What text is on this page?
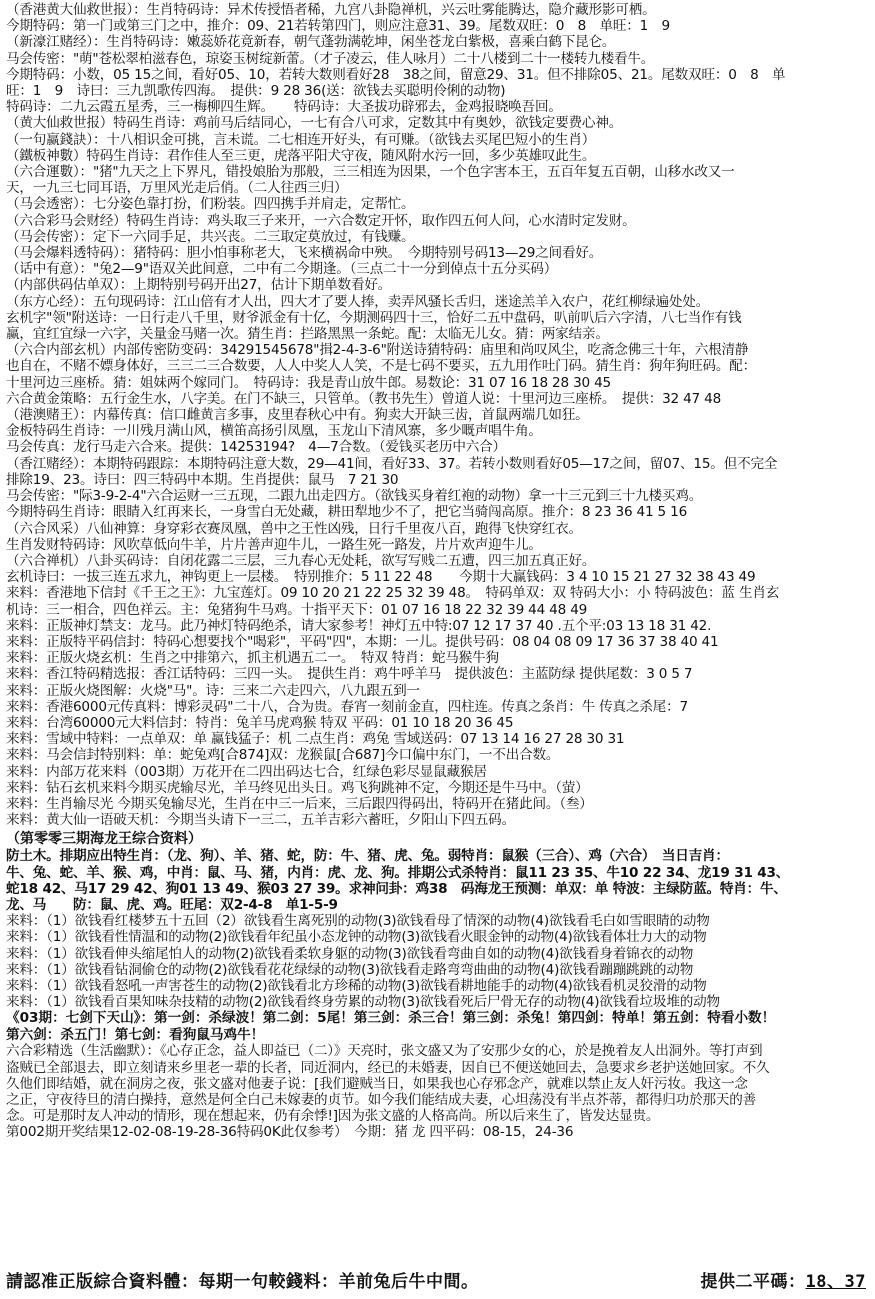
（香港黄大仙救世报）：生肖特码诗：异术传授悟者稀，九宫八卦隐禅机，兴云吐雾能腾达，隐介藏形影可栖。
今期特码：第一门或第三门之中，推介：09、21若转第四门，则应注意31、39。尾数双旺：0　8　单旺：1　9
（新濠江赌经）：生肖特码诗：嫩蕊娇花竟新春，朝气蓬勃满乾坤，闲坐苍龙白紫极，喜乘白鹤下昆仑。
马会传密："萌"苍松翠柏滋春色，琼姿玉树绽新蕾。（才子凌云，佳人咏月）二十八楼到二十一楼转九楼看牛。
今期特码：小数，05 15之间，看好05、10，若转大数则看好28　38之间，留意29、31。但不排除05、21。尾数双旺：0　8　单
旺：1　9　诗曰：三九凯歌传四海。　提供：9 28 36(送：欲钱去买聪明伶俐的动物)
特码诗：二九云霞五星秀，三一梅柳四生辉。　　特码诗：大圣拔功辟邪去，金鸡报晓唤吾回。
（黄大仙救世报）特码生肖诗：鸡前马后结同心，一七有合八可求，定数其中有奥妙，欲钱定要费心神。
（一句赢錢訣）：十八相识金可挑，言未谎。二七相连开好头，有可赚。（欲钱去买尾巴短小的生肖）
（鐵板神數）特码生肖诗：君作佳人至三更，虎落平阳犬守夜，随风附水污一回，多少英雄叹此生。
（六合運數）："猪"九天之上下界凡，错投娘胎为那般，三三相连为因果，一个色字害本王，五百年复五百朝，山移水改又一
天，一九三七同耳语，万里风光走后俏。（二人往西三归）
（马会透密）：七分姿色靠打扮，们粉装。四四携手并肩走，定帮忙。
（六合彩马会财经）特码生肖诗：鸡头取三子来开，一六合数定开怀，取作四五何人问，心水清时定发财。
（马会传密）：定下一六同手足，共兴丧。二三取定莫放过，有钱赚。
（马会爆料透特码）：猪特码：胆小怕事称老大，飞来横祸命中殃。　今期特别号码13—29之间看好。
（话中有意）："兔2—9"语双关此间意，二中有二今期逢。（三点二十一分到倬点十五分买码）
（内部供码估单双）：上期特别号码开出27，估计下期单数看好。
（东方心经）：五句现码诗：江山倍有才人出，四大才了要人捧，卖弄风骚长舌归，迷途羔羊入农户，花红柳绿遍处处。
玄机字"领"附送诗：一日行走八千里，财爷派金有十亿，今期测码四十三，恰好二五中盘码，叭前叭后六字清，八七当作有钱
赢，宜红宜绿一六字，关量金马赌一次。猜生肖：拦路黑黑一条蛇。配：太临无儿女。猜：两家结亲。
（六合内部玄机）内部传密防变码：34291545678"揖2-4-3-6"附送诗猜特码：庙里和尚叹风尘，吃斋念佛三十年，六根清静
也自在，不赌不嫖身体好，三三二三合数要，人人中奖人人笑，不是七码不要买，五九用作吐门码。猜生肖：狗年狗旺码。配：
十里河边三座桥。猜：姐妹两个嫁同门。　特码诗：我是青山放牛郎。易数论：31 07 16 18 28 30 45
六合黄金策略：五行金生水，八字美。在门不缺三，只管单。（教书先生）曾道人说：十里河边三座桥。　提供：32 47 48
（港澳赌王）：内幕传真：信口雌黄言多事，皮里春秋心中有。狗卖大开缺三齿，首鼠两端几如狂。
金板特码生肖诗：一川残月满山风，横笛高扬引凤凰，玉龙山下清风寨，多少嘅声唱牛角。
马会传真：龙行马走六合来。提供：14253194?　4—7合数。（爱钱买老历中六合）
（香江赌经）：本期特码跟踪：本期特码注意大数，29—41间，看好33、37。若转小数则看好05—17之间，留07、15。但不完全
排除19、23。诗曰：四三特码中本期。生肖提供：鼠马　7 21 30
马会传密："际3-9-2-4"六合运财一三五现，二跟九出走四方。（欲钱买身着红袍的动物）拿一十三元到三十九楼买鸡。
今期特码生肖诗：眼睛入红再来长，一身雪白无处藏，耕田犁地少不了，把它当骑闯高原。推介：8 23 36 41 5 16
（六合风采）八仙神算：身穿彩衣赛凤凰，兽中之王性凶残，日行千里夜八百，跑得飞快穿红衣。
生肖发财特码诗：风吹草低向牛羊，片片善声迎牛儿，一路生死一路发，片片欢声迎牛儿。
（六合禅机）八卦买码诗：自闭花露二三层，三九春心无处耗，欲写写贱二五遭，四三加五真正好。
玄机诗曰：一拔三连五求九，神钩更上一层楼。　特别推介：5 11 22 48　　今期十大赢钱码：3 4 10 15 21 27 32 38 43 49
来料：香港地下信封《千王之王》：九宝莲灯。09 10 20 21 22 25 32 39 48。　特码单双：双 特码大小：小 特码波色：蓝 生肖玄
机诗：三一相合，四色祥云。主：兔猪狗牛马鸡。十指平天下：01 07 16 18 22 32 39 44 48 49
来料：正版神灯禁支：龙马。此乃神灯特码绝杀，请大家参考！神灯五中特:07 12 17 37 40 .五个平:03 13 18 31 42.
来料：正版特平码信封：特码心想要找个"喝彩"，平码"四"，本期：一儿。提供号码：08 04 08 09 17 36 37 38 40 41
来料：正版火烧玄机：生肖之中排第六，抓主机遇五二一。　特双 特肖：蛇马猴牛狗
来料：香江特码精选报：香江话特码：三四一头。　提供生肖：鸡牛呼羊马　提供波色：主蓝防绿 提供尾数：3 0 5 7
来料：正版火烧图解：火烧"马"。诗：三来二六走四六，八九跟五到一
来料：香港6000元传真料：博彩灵码"二十八，合为贵。春宵一刻前金直，四柱连。传真之条肖：牛 传真之杀尾：7
来料：台湾60000元大料信封：特肖：兔羊马虎鸡猴 特双 平码：01 10 18 20 36 45
来料：雪域中特料：一点单双：单 赢钱猛子：机 二点生肖：鸡兔 雪域送码：07 13 14 16 27 28 30 31
来料：马会信封特别料：单：蛇兔鸡[合874]双：龙猴鼠[合687]今口偏中东门，一不出合数。
来料：内部万花来料（003期）万花开在二四出码达七合，红绿色彩尽显鼠藏猴居
来料：钻石玄机来料今期买虎输尽光，羊马终见出头日。鸡飞狗跳神不定，今期还是牛马中。（萤）
来料：生肖输尽光 今期买兔输尽光，生肖在中三一后来，三后跟四得码出，特码开在猪此间。（叁）
来料：黄大仙一语破天机：今期当头请下一三二，五羊吉彩六蓄旺，夕阳山下四五码。
（第零零三期海龙王综合资料）
防土木。排期应出特生肖：（龙、狗）、羊、猪、蛇，防：牛、猪、虎、兔。弱特肖：鼠猴（三合）、鸡（六合）　当日吉肖：
牛、兔、蛇、羊、猴、鸡，中肖：鼠、马、猪，内肖：虎、龙、狗。排期公式杀特肖：鼠11 23 35、牛10 22 34、龙19 31 43、
蛇18 42、马17 29 42、狗01 13 49、猴03 27 39。求神问卦：鸡38　码海龙王预测：单双：单 特波：主绿防蓝。特肖：牛、
龙、马　　防：鼠、虎、鸡。旺尾：双2-4-8　单1-5-9
来料：（1）欲钱看红楼梦五十五回（2）欲钱看生离死别的动物(3)欲钱看母了情深的动物(4)欲钱看毛白如雪眼睛的动物
来料：（1）欲钱看性情温和的动物(2)欲钱看年纪虽小态龙钟的动物(3)欲钱看火眼金钟的动物(4)欲钱看体壮力大的动物
来料：（1）欲钱看伸头缩尾怕人的动物(2)欲钱看柔软身躯的动物(3)欲钱看弯曲自如的动物(4)欲钱看身着锦衣的动物
来料：（1）欲钱看钻洞偷仓的动物(2)欲钱看花花绿绿的动物(3)欲钱看走路弯弯曲曲的动物(4)欲钱看蹦蹦跳跳的动物
来料：（1）欲钱看怒吼一声害苍生的动物(2)欲钱看北方珍稀的动物(3)欲钱看耕地能手的动物(4)欲钱看机灵狡滑的动物
来料：（1）欲钱看百果知味杂技精的动物(2)欲钱看终身劳累的动物(3)欲钱看死后尸骨无存的动物(4)欲钱看垃圾堆的动物
《03期：七剑下天山》：第一剑：杀绿波！第二剑：5尾！第三剑：杀三合！第三剑：杀兔！第四剑：特单！第五剑：特看小数！
第六剑：杀五门！第七剑：看狗鼠马鸡牛！
六合彩精选（生活幽默）：《心存正念，益人即益已（二）》天亮时，张文盛又为了安那少女的心，於是挽着友人出洞外。等打声到
盗贼已全部退去，即立刻请来乡里老一辈的长者，同近洞内，经已的未婚妻，因自已不便送她回去，急要求乡老护送她回家。不久
久他们即结婚，就在洞房之夜，张文盛对他妻子说：[我们避贼当日，如果我也心存邪念产，就难以禁止友人奸污妆。我这一念
之正，守夜待旦的清白操持，意然是何全白己未嫁妻的贞节。如今我们能结成夫妻，心坦荡没有半点芥蒂，都得归功於那天的善
念。可是那时友人冲动的情形，现在想起来，仍有余悸!]因为张文盛的人格高尚。所以后来生了，皆发达显贵。
第002期开奖结果12-02-08-19-28-36特码0K此仅参考）　今期：猪 龙 四平码：08-15，24-36
請認准正版綜合資料體：每期一句較錢料：羊前兔后牛中間。	提供二平碼：18、37
